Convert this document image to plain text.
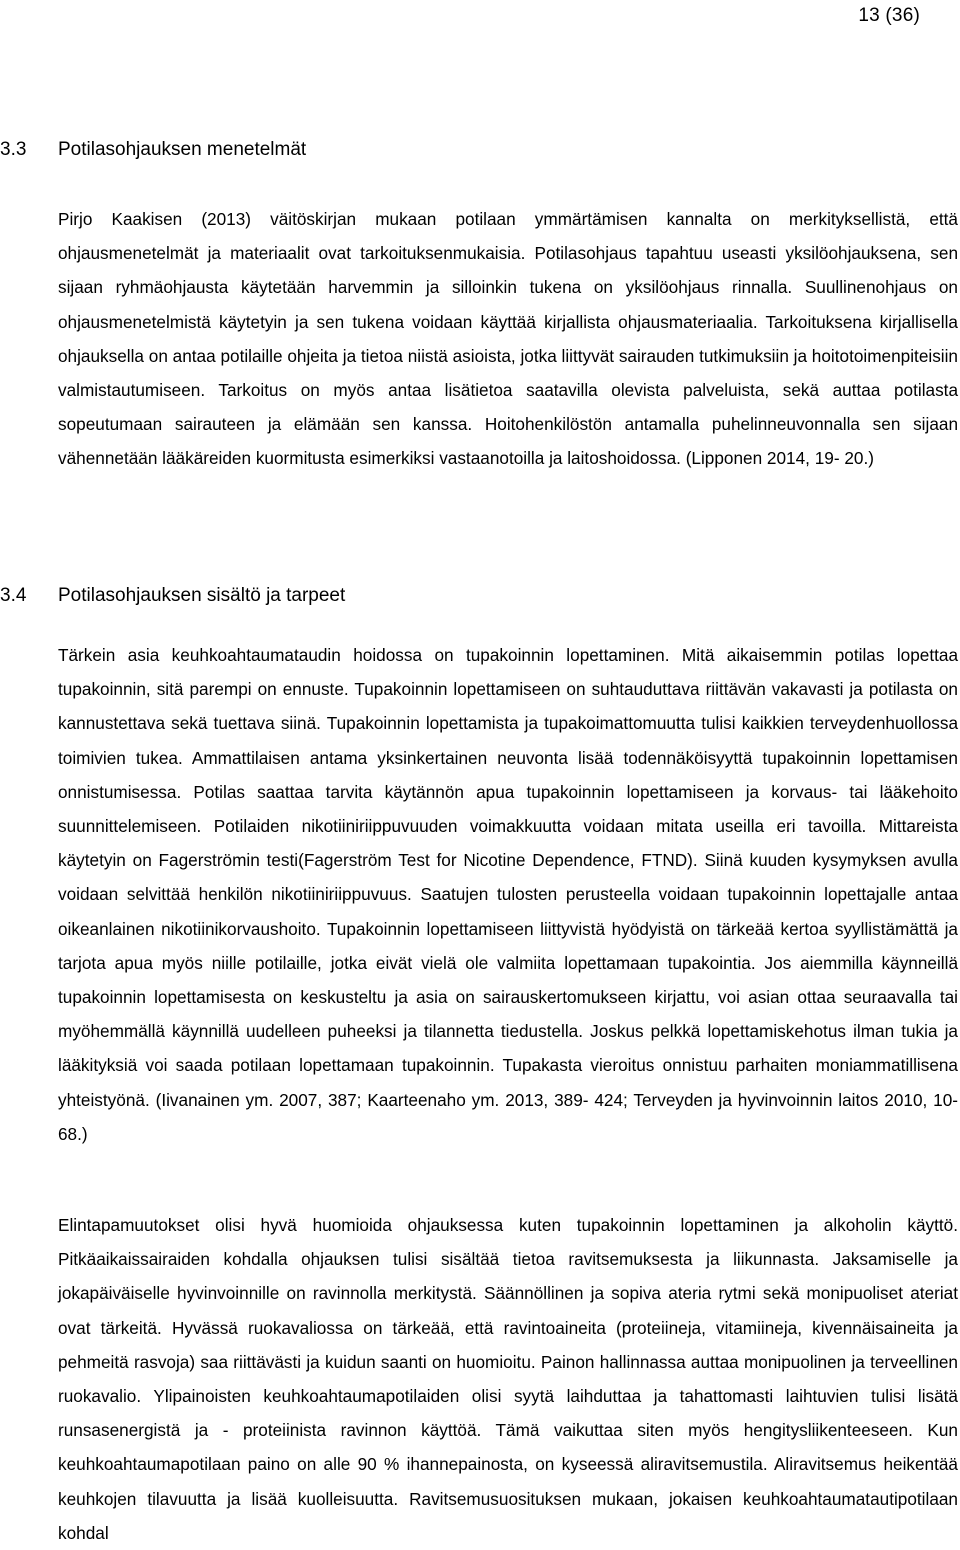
13 (36)
3.3 Potilasohjauksen menetelmät

Pirjo Kaakisen (2013) väitöskirjan mukaan potilaan ymmärtämisen kannalta on merkityksellistä, että ohjausmenetelmät ja materiaalit ovat tarkoituksenmukaisia. Potilasohjaus tapahtuu useasti yksilöohjauksena, sen sijaan ryhmäohjausta käytetään harvemmin ja silloinkin tukena on yksilöohjaus rinnalla. Suullinenohjaus on ohjausmenetelmistä käytetyin ja sen tukena voidaan käyttää kirjallista ohjausmateriaalia. Tarkoituksena kirjallisella ohjauksella on antaa potilaille ohjeita ja tietoa niistä asioista, jotka liittyvät sairauden tutkimuksiin ja hoitotoimenpiteisiin valmistautumiseen. Tarkoitus on myös antaa lisätietoa saatavilla olevista palveluista, sekä auttaa potilasta sopeutumaan sairauteen ja elämään sen kanssa. Hoitohenkilöstön antamalla puhelinneuvonnalla sen sijaan vähennetään lääkäreiden kuormitusta esimerkiksi vastaanotoilla ja laitoshoidossa. (Lipponen 2014, 19- 20.)

3.4 Potilasohjauksen sisältö ja tarpeet

Tärkein asia keuhkoahtaumataudin hoidossa on tupakoinnin lopettaminen. Mitä aikaisemmin potilas lopettaa tupakoinnin, sitä parempi on ennuste. Tupakoinnin lopettamiseen on suhtauduttava riittävän vakavasti ja potilasta on kannustettava sekä tuettava siinä. Tupakoinnin lopettamista ja tupakoimattomuutta tulisi kaikkien terveydenhuollossa toimivien tukea. Ammattilaisen antama yksinkertainen neuvonta lisää todennäköisyyttä tupakoinnin lopettamisen onnistumisessa. Potilas saattaa tarvita käytännön apua tupakoinnin lopettamiseen ja korvaus- tai lääkehoito suunnittelemiseen. Potilaiden nikotiiniriippuvuuden voimakkuutta voidaan mitata useilla eri tavoilla. Mittareista käytetyin on Fagerströmin testi(Fagerström Test for Nicotine Dependence, FTND). Siinä kuuden kysymyksen avulla voidaan selvittää henkilön nikotiiniriippuvuus. Saatujen tulosten perusteella voidaan tupakoinnin lopettajalle antaa oikeanlainen nikotiinikorvaushoito. Tupakoinnin lopettamiseen liittyvistä hyödyistä on tärkeää kertoa syyllistämättä ja tarjota apua myös niille potilaille, jotka eivät vielä ole valmiita lopettamaan tupakointia. Jos aiemmilla käynneillä tupakoinnin lopettamisesta on keskusteltu ja asia on sairauskertomukseen kirjattu, voi asian ottaa seuraavalla tai myöhemmällä käynnillä uudelleen puheeksi ja tilannetta tiedustella. Joskus pelkkä lopettamiskehotus ilman tukia ja lääkityksiä voi saada potilaan lopettamaan tupakoinnin. Tupakasta vieroitus onnistuu parhaiten moniammatillisena yhteistyönä. (Iivanainen ym. 2007, 387; Kaarteenaho ym. 2013, 389- 424; Terveyden ja hyvinvoinnin laitos 2010, 10- 68.)

Elintapamuutokset olisi hyvä huomioida ohjauksessa kuten tupakoinnin lopettaminen ja alkoholin käyttö. Pitkäaikaissairaiden kohdalla ohjauksen tulisi sisältää tietoa ravitsemuksesta ja liikunnasta. Jaksamiselle ja jokapäiväiselle hyvinvoinnille on ravinnolla merkitystä. Säännöllinen ja sopiva ateria rytmi sekä monipuoliset ateriat ovat tärkeitä. Hyvässä ruokavaliossa on tärkeää, että ravintoaineita (proteiineja, vitamiineja, kivennäisaineita ja pehmeitä rasvoja) saa riittävästi ja kuidun saanti on huomioitu. Painon hallinnassa auttaa monipuolinen ja terveellinen ruokavalio. Ylipainoisten keuhkoahtaumapotilaiden olisi syytä laihduttaa ja tahattomasti laihtuvien tulisi lisätä runsasenergistä ja - proteiinista ravinnon käyttöä. Tämä vaikuttaa siten myös hengitysliikenteeseen. Kun keuhkoahtaumapotilaan paino on alle 90 % ihannepainosta, on kyseessä aliravitsemustila. Aliravitsemus heikentää keuhkojen tilavuutta ja lisää kuolleisuutta. Ravitsemusuosituksen mukaan, jokaisen keuhkoahtaumatautipotilaan kohdal
